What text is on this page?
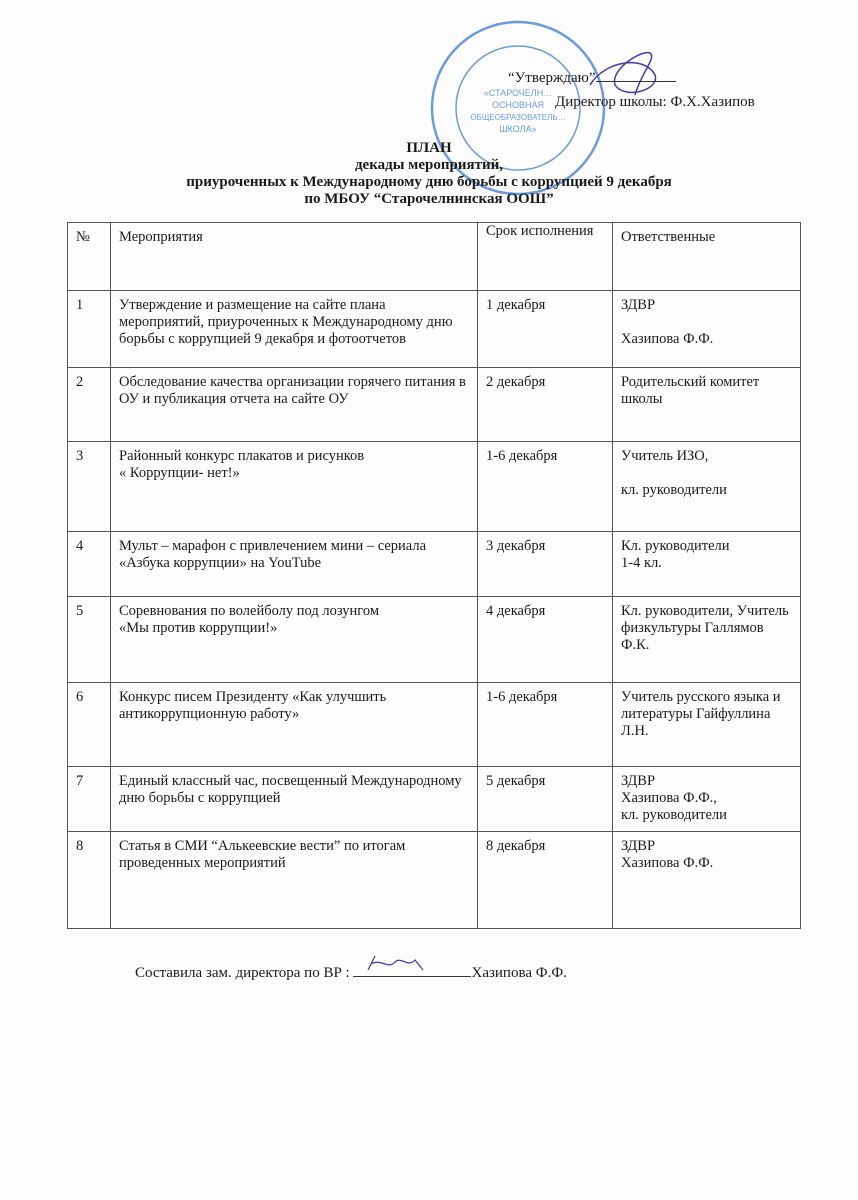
«СТАРОЧЕЛН…
ОСНОВНАЯ
ОБЩЕОБРАЗОВАТЕЛЬ…
ШКОЛА»
“Утверждаю”
Директор школы: Ф.Х.Хазипов
ПЛАН
декады мероприятий,
приуроченных к Международному дню борьбы с коррупцией 9 декабря
по МБОУ “Старочелнинская ООШ”
№	Мероприятия	Срок исполнения	Ответственные
1	Утверждение и размещение на сайте плана мероприятий, приуроченных к Международному дню борьбы с коррупцией 9 декабря и фотоотчетов	1 декабря	ЗДВР

Хазипова Ф.Ф.
2	Обследование качества организации горячего питания в ОУ и публикация отчета на сайте ОУ	2 декабря	Родительский комитет школы
3	Районный конкурс плакатов и рисунков
« Коррупции- нет!»	1-6 декабря	Учитель ИЗО,

кл. руководители
4	Мульт – марафон с привлечением мини – сериала «Азбука коррупции» на YouTube	3 декабря	Кл. руководители
1-4 кл.
5	Соревнования по волейболу под лозунгом
«Мы против коррупции!»	4 декабря	Кл. руководители, Учитель физкультуры Галлямов Ф.К.
6	Конкурс писем Президенту «Как улучшить антикоррупционную работу»	1-6 декабря	Учитель русского языка и литературы Гайфуллина Л.Н.
7	Единый классный час, посвещенный Международному дню борьбы с коррупцией	5 декабря	ЗДВР
Хазипова Ф.Ф.,
кл. руководители
8	Статья в СМИ “Алькеевские вести” по итогам проведенных мероприятий	8 декабря	ЗДВР
Хазипова Ф.Ф.
Составила зам. директора по ВР :	Хазипова Ф.Ф.
